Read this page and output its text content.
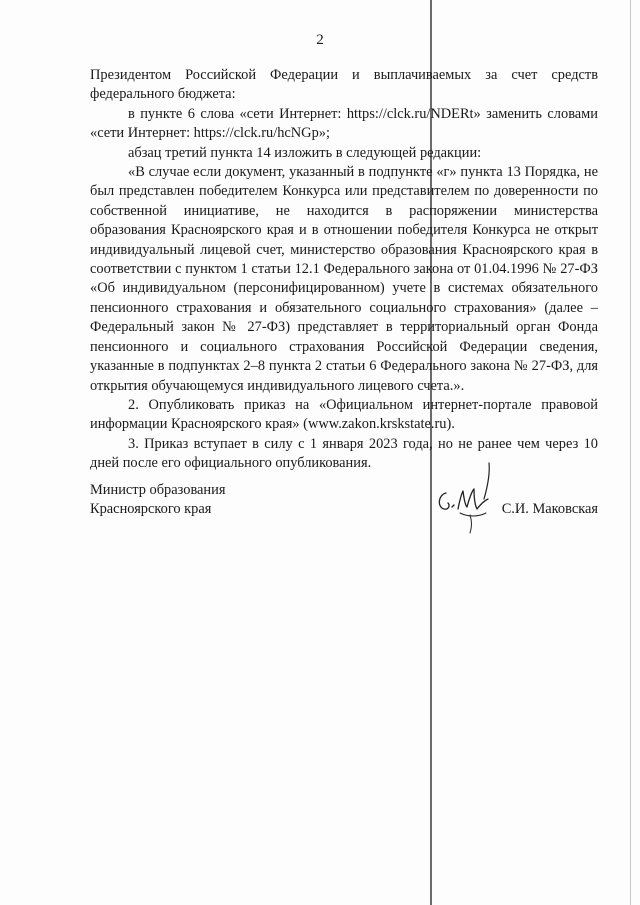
2

Президентом Российской Федерации и выплачиваемых за счет средств федерального бюджета:

в пункте 6 слова «сети Интернет: https://clck.ru/NDERt» заменить словами «сети Интернет: https://clck.ru/hcNGp»;

абзац третий пункта 14 изложить в следующей редакции:

«В случае если документ, указанный в подпункте «г» пункта 13 Порядка, не был представлен победителем Конкурса или представителем по доверенности по собственной инициативе, не находится в распоряжении министерства образования Красноярского края и в отношении победителя Конкурса не открыт индивидуальный лицевой счет, министерство образования Красноярского края в соответствии с пунктом 1 статьи 12.1 Федерального закона от 01.04.1996 № 27-ФЗ «Об индивидуальном (персонифицированном) учете в системах обязательного пенсионного страхования и обязательного социального страхования» (далее – Федеральный закон № 27-ФЗ) представляет в территориальный орган Фонда пенсионного и социального страхования Российской Федерации сведения, указанные в подпунктах 2–8 пункта 2 статьи 6 Федерального закона № 27-ФЗ, для открытия обучающемуся индивидуального лицевого счета.».

2. Опубликовать приказ на «Официальном интернет-портале правовой информации Красноярского края» (www.zakon.krskstate.ru).

3. Приказ вступает в силу с 1 января 2023 года, но не ранее чем через 10 дней после его официального опубликования.

Министр образования

Красноярского края	С.И. Маковская
